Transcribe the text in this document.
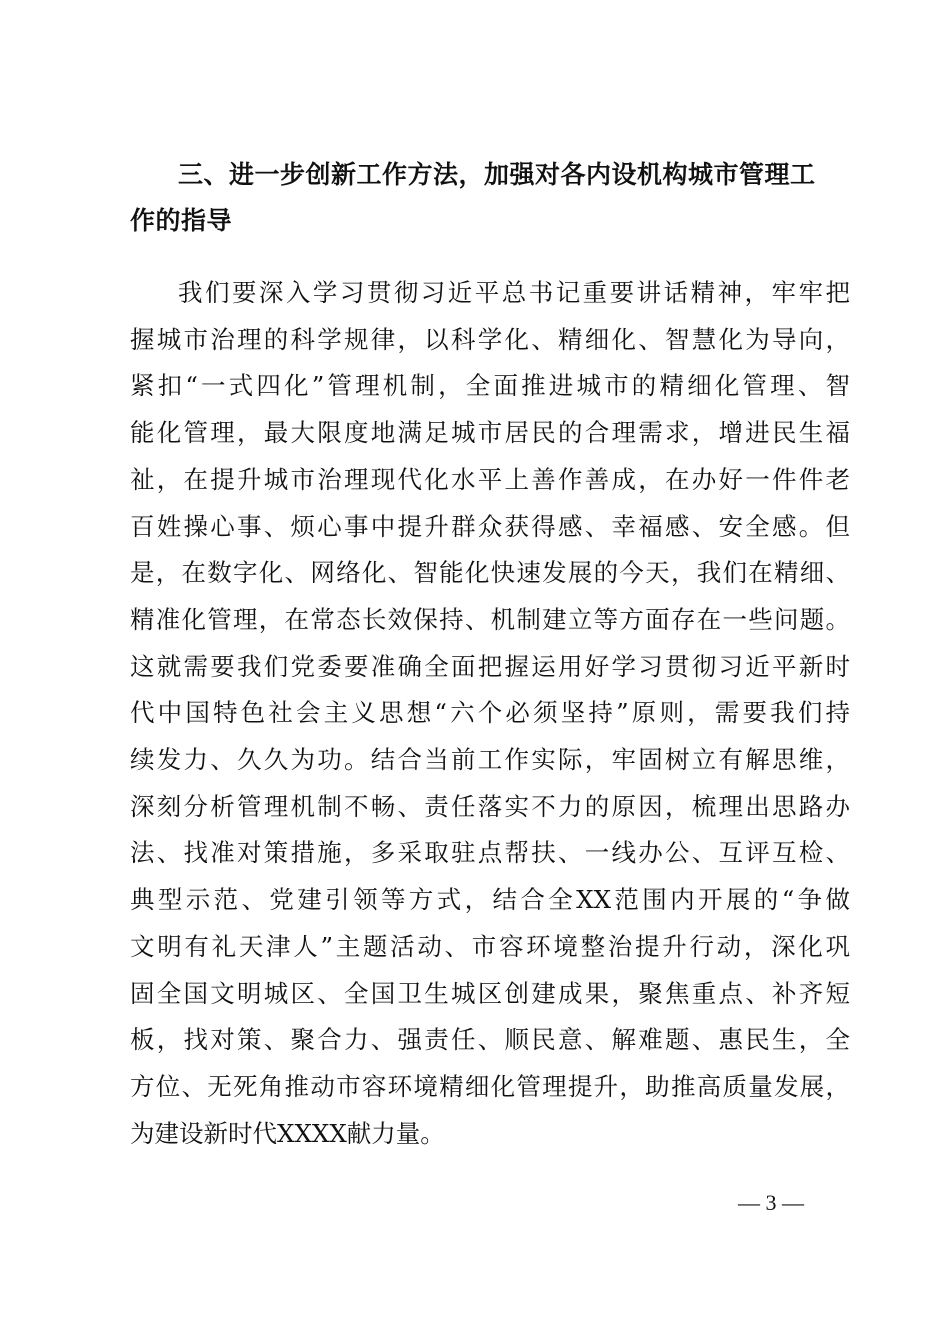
三、进一步创新工作方法，加强对各内设机构城市管理工
作的指导

我们要深入学习贯彻习近平总书记重要讲话精神，牢牢把
握城市治理的科学规律，以科学化、精细化、智慧化为导向，
紧扣“一式四化”管理机制，全面推进城市的精细化管理、智
能化管理，最大限度地满足城市居民的合理需求，增进民生福
祉，在提升城市治理现代化水平上善作善成，在办好一件件老
百姓操心事、烦心事中提升群众获得感、幸福感、安全感。但
是，在数字化、网络化、智能化快速发展的今天，我们在精细、
精准化管理，在常态长效保持、机制建立等方面存在一些问题。
这就需要我们党委要准确全面把握运用好学习贯彻习近平新时
代中国特色社会主义思想“六个必须坚持”原则，需要我们持
续发力、久久为功。结合当前工作实际，牢固树立有解思维，
深刻分析管理机制不畅、责任落实不力的原因，梳理出思路办
法、找准对策措施，多采取驻点帮扶、一线办公、互评互检、
典型示范、党建引领等方式，结合全XX范围内开展的“争做
文明有礼天津人”主题活动、市容环境整治提升行动，深化巩
固全国文明城区、全国卫生城区创建成果，聚焦重点、补齐短
板，找对策、聚合力、强责任、顺民意、解难题、惠民生，全
方位、无死角推动市容环境精细化管理提升，助推高质量发展，
为建设新时代XXXX献力量。

— 3 —
